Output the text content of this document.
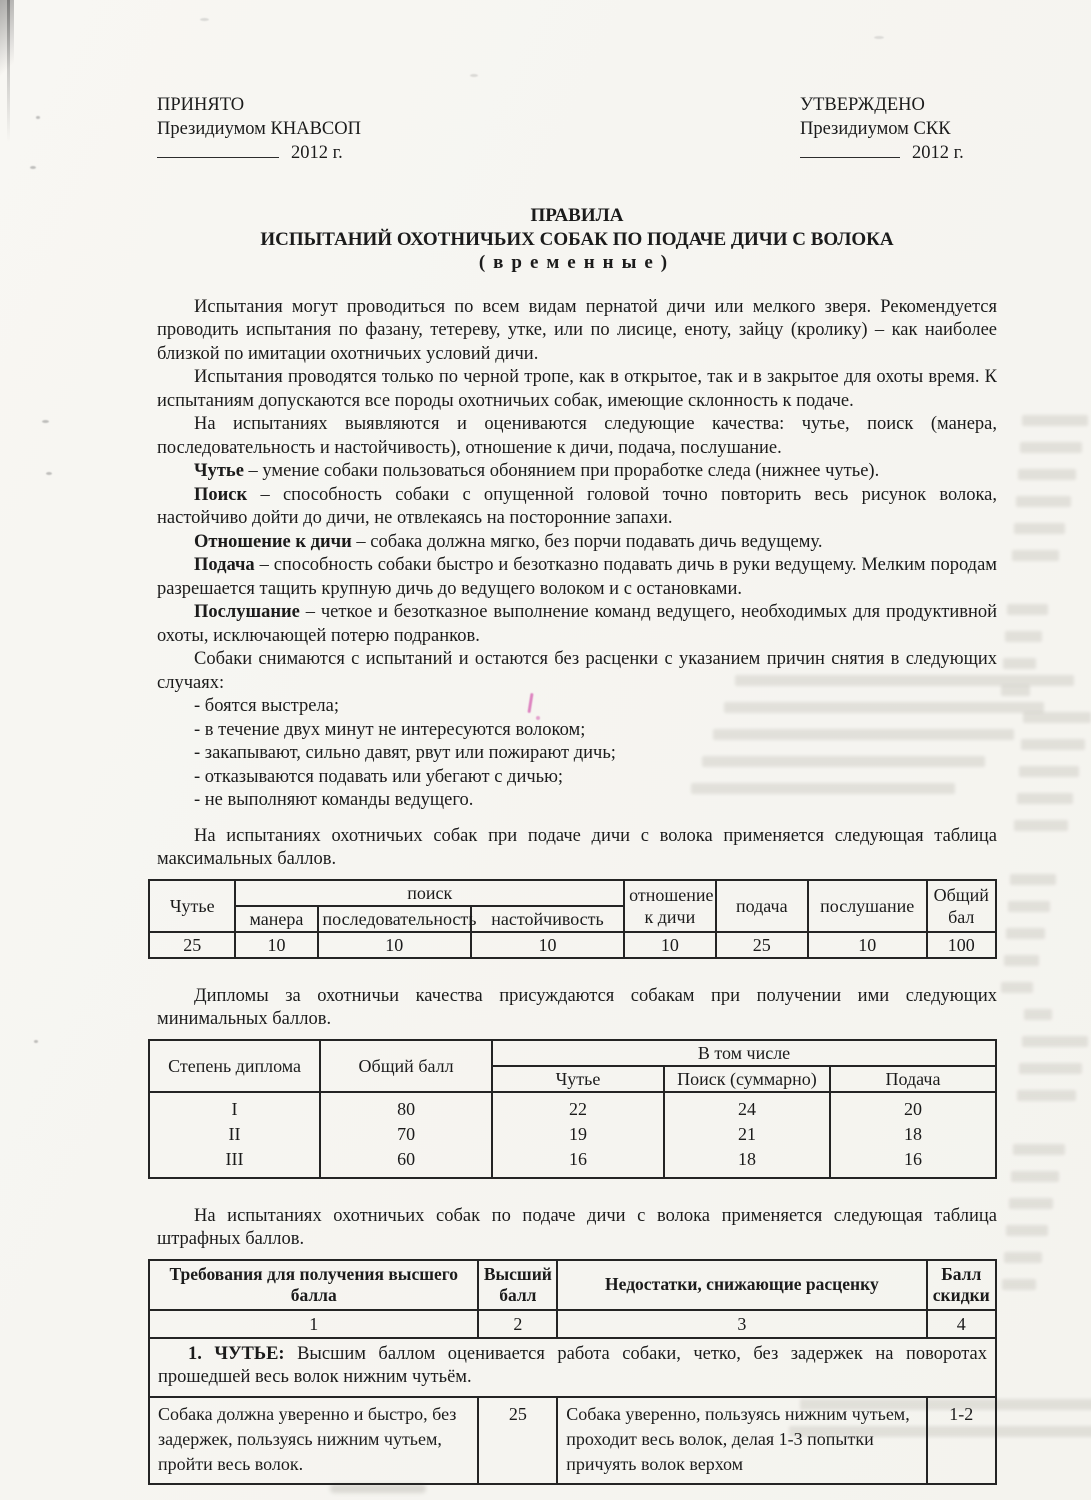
ПРИНЯТО
Президиумом КНАВСОП
2012 г.
УТВЕРЖДЕНО
Президиумом СКК
2012 г.
ПРАВИЛА
ИСПЫТАНИЙ ОХОТНИЧЬИХ СОБАК ПО ПОДАЧЕ ДИЧИ С ВОЛОКА
(временные)

Испытания могут проводиться по всем видам пернатой дичи или мелкого зверя. Рекомендуется проводить испытания по фазану, тетереву, утке, или по лисице, еноту, зайцу (кролику) – как наиболее близкой по имитации охотничьих условий дичи.

Испытания проводятся только по черной тропе, как в открытое, так и в закрытое для охоты время. К испытаниям допускаются все породы охотничьих собак, имеющие склонность к подаче.

На испытаниях выявляются и оцениваются следующие качества: чутье, поиск (манера, последовательность и настойчивость), отношение к дичи, подача, послушание.

Чутье – умение собаки пользоваться обонянием при проработке следа (нижнее чутье).

Поиск – способность собаки с опущенной головой точно повторить весь рисунок волока, настойчиво дойти до дичи, не отвлекаясь на посторонние запахи.

Отношение к дичи – собака должна мягко, без порчи подавать дичь ведущему.

Подача – способность собаки быстро и безотказно подавать дичь в руки ведущему. Мелким породам разрешается тащить крупную дичь до ведущего волоком и с остановками.

Послушание – четкое и безотказное выполнение команд ведущего, необходимых для продуктивной охоты, исключающей потерю подранков.

Собаки снимаются с испытаний и остаются без расценки с указанием причин снятия в следующих случаях:

- боятся выстрела;

- в течение двух минут не интересуются волоком;

- закапывают, сильно давят, рвут или пожирают дичь;

- отказываются подавать или убегают с дичью;

- не выполняют команды ведущего.

На испытаниях охотничьих собак при подаче дичи с волока применяется следующая таблица максимальных баллов.

Чутье	поиск			отношение к дичи	подача	послушание	Общий бал
	манера	последовательность	настойчивость				
25	10	10	10	10	25	10	100

Дипломы за охотничьи качества присуждаются собакам при получении ими следующих минимальных баллов.

Степень диплома	Общий балл	В том числе		
		Чутье	Поиск (суммарно)	Подача
I	80	22	24	20
II	70	19	21	18
III	60	16	18	16

На испытаниях охотничьих собак по подаче дичи с волока применяется следующая таблица штрафных баллов.

Требования для получения высшего балла	Высший балл	Недостатки, снижающие расценку	Балл скидки
1	2	3	4

1. ЧУТЬЕ: Высшим баллом оценивается работа собаки, четко, без задержек на поворотах прошедшей весь волок нижним чутьём.			

Собака должна уверенно и быстро, без задержек, пользуясь нижним чутьем, пройти весь волок.	25	Собака уверенно, пользуясь нижним чутьем, проходит весь волок, делая 1-3 попытки причуять волок верхом	1-2
